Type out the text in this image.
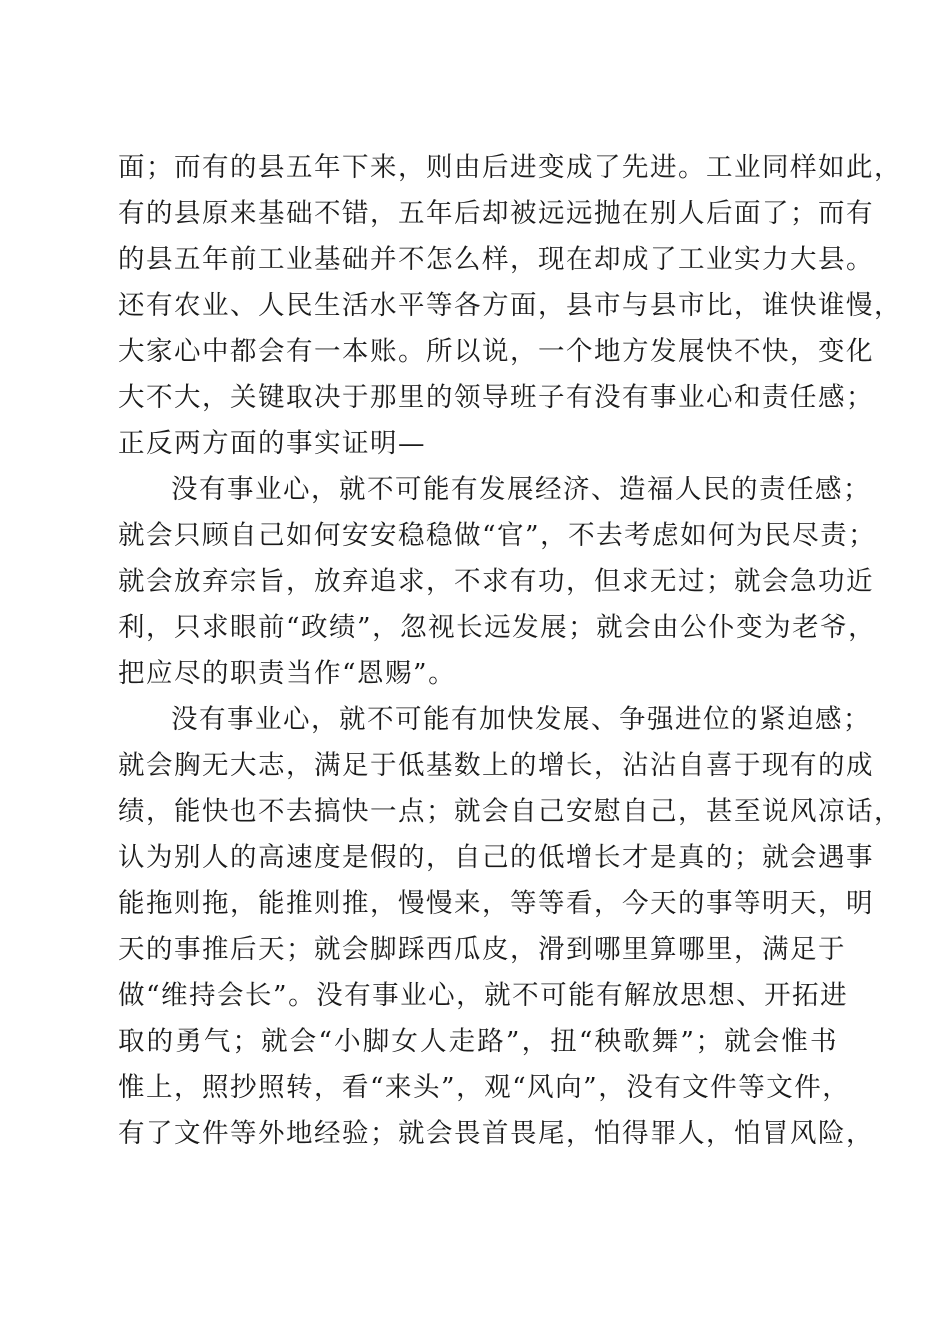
面；而有的县五年下来，则由后进变成了先进。工业同样如此，

有的县原来基础不错，五年后却被远远抛在别人后面了；而有

的县五年前工业基础并不怎么样，现在却成了工业实力大县。

还有农业、人民生活水平等各方面，县市与县市比，谁快谁慢，

大家心中都会有一本账。所以说，一个地方发展快不快，变化

大不大，关键取决于那里的领导班子有没有事业心和责任感；

正反两方面的事实证明—

没有事业心，就不可能有发展经济、造福人民的责任感；

就会只顾自己如何安安稳稳做“官”，不去考虑如何为民尽责；

就会放弃宗旨，放弃追求，不求有功，但求无过；就会急功近

利，只求眼前“政绩”，忽视长远发展；就会由公仆变为老爷，

把应尽的职责当作“恩赐”。

没有事业心，就不可能有加快发展、争强进位的紧迫感；

就会胸无大志，满足于低基数上的增长，沾沾自喜于现有的成

绩，能快也不去搞快一点；就会自己安慰自己，甚至说风凉话，

认为别人的高速度是假的，自己的低增长才是真的；就会遇事

能拖则拖，能推则推，慢慢来，等等看，今天的事等明天，明

天的事推后天；就会脚踩西瓜皮，滑到哪里算哪里，满足于

做“维持会长”。没有事业心，就不可能有解放思想、开拓进

取的勇气；就会“小脚女人走路”，扭“秧歌舞”；就会惟书

惟上，照抄照转，看“来头”，观“风向”，没有文件等文件，

有了文件等外地经验；就会畏首畏尾，怕得罪人，怕冒风险，
